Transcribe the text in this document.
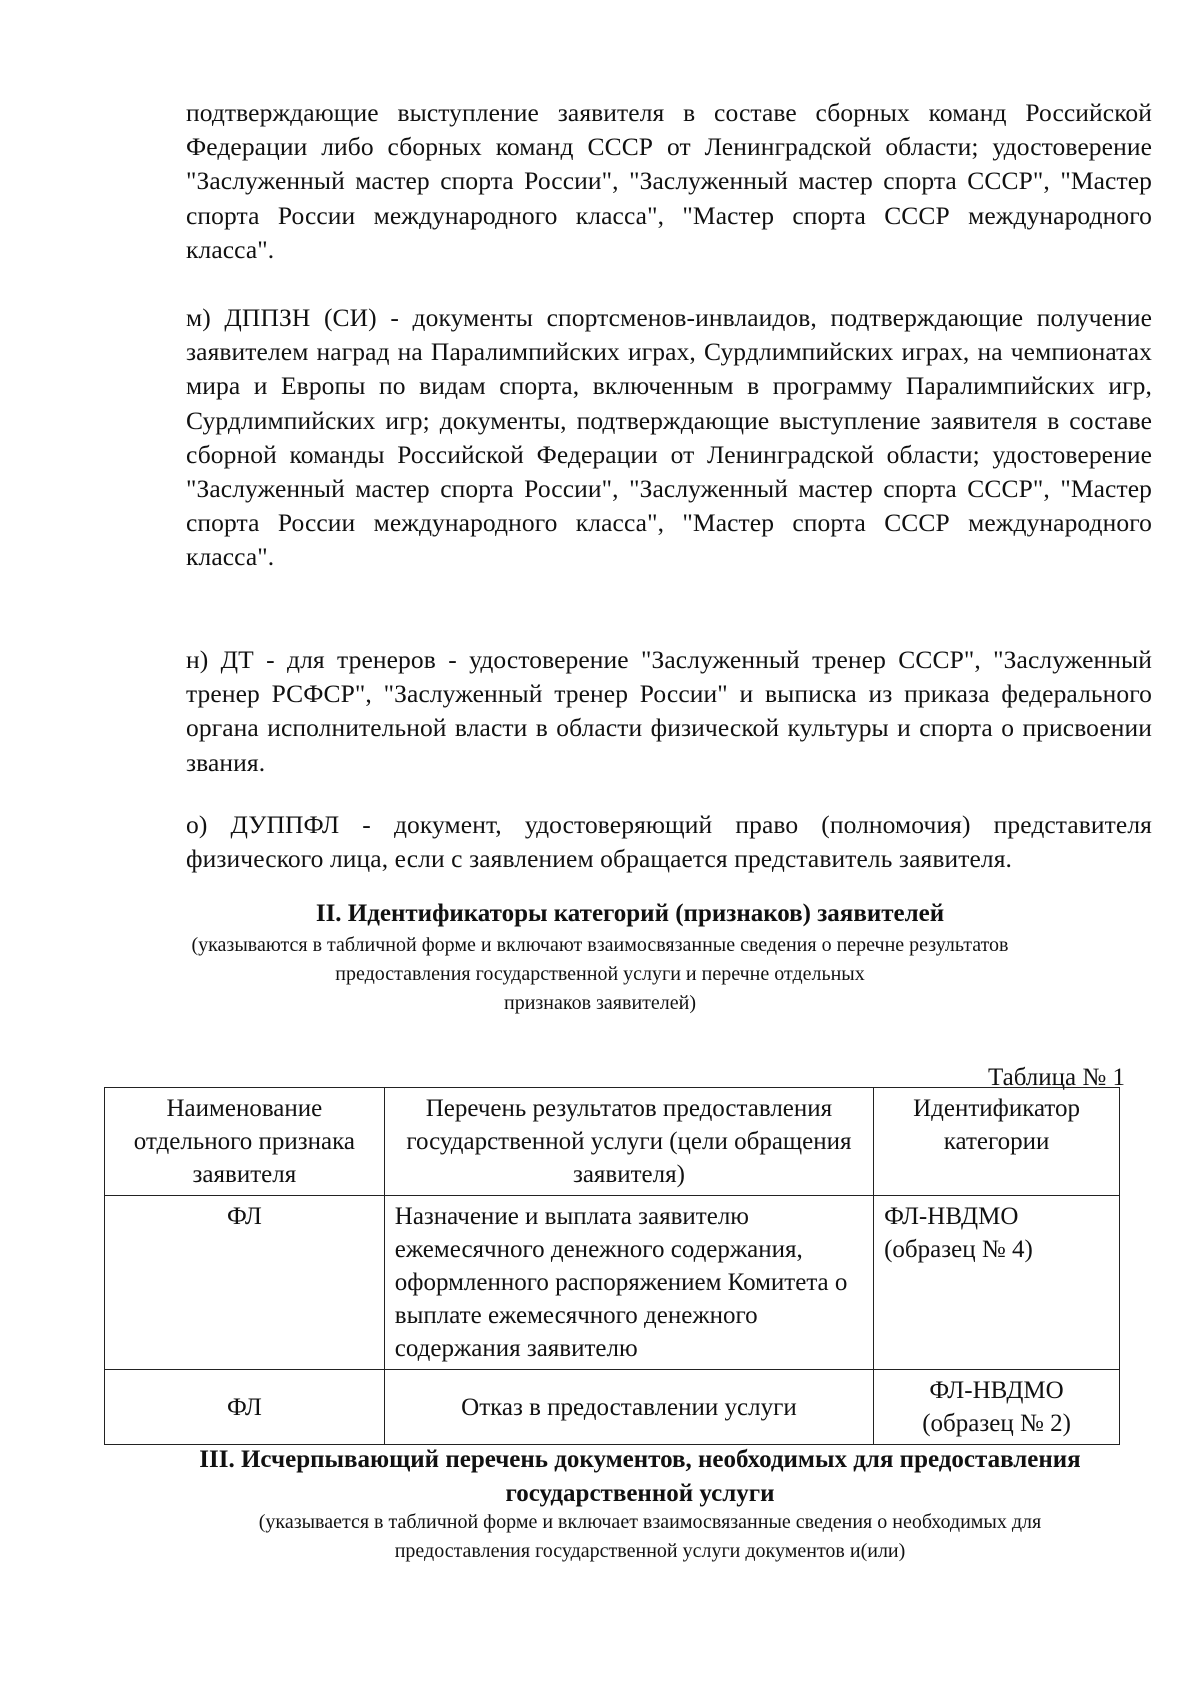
подтверждающие выступление заявителя в составе сборных команд Российской Федерации либо сборных команд СССР от Ленинградской области; удостоверение "Заслуженный мастер спорта России", "Заслуженный мастер спорта СССР", "Мастер спорта России международного класса", "Мастер спорта СССР международного класса".

м) ДППЗН (СИ) - документы спортсменов-инвлаидов, подтверждающие получение заявителем наград на Паралимпийских играх, Сурдлимпийских играх, на чемпионатах мира и Европы по видам спорта, включенным в программу Паралимпийских игр, Сурдлимпийских игр; документы, подтверждающие выступление заявителя в составе сборной команды Российской Федерации от Ленинградской области; удостоверение "Заслуженный мастер спорта России", "Заслуженный мастер спорта СССР", "Мастер спорта России международного класса", "Мастер спорта СССР международного класса".

н) ДТ - для тренеров - удостоверение "Заслуженный тренер СССР", "Заслуженный тренер РСФСР", "Заслуженный тренер России" и выписка из приказа федерального органа исполнительной власти в области физической культуры и спорта о присвоении звания.

о) ДУППФЛ - документ, удостоверяющий право (полномочия) представителя физического лица, если с заявлением обращается представитель заявителя.

II. Идентификаторы категорий (признаков) заявителей
(указываются в табличной форме и включают взаимосвязанные сведения о перечне результатов
предоставления государственной услуги и перечне отдельных
признаков заявителей)
Таблица № 1
Наименование отдельного признака заявителя	Перечень результатов предоставления государственной услуги (цели обращения заявителя)	Идентификатор категории
ФЛ	Назначение и выплата заявителю ежемесячного денежного содержания, оформленного распоряжением Комитета о выплате ежемесячного денежного содержания заявителю	ФЛ-НВДМО
(образец № 4)

ФЛ	Отказ в предоставлении услуги	ФЛ-НВДМО
(образец № 2)
III. Исчерпывающий перечень документов, необходимых для предоставления
государственной услуги
(указывается в табличной форме и включает взаимосвязанные сведения о необходимых для
предоставления государственной услуги документов и(или)
